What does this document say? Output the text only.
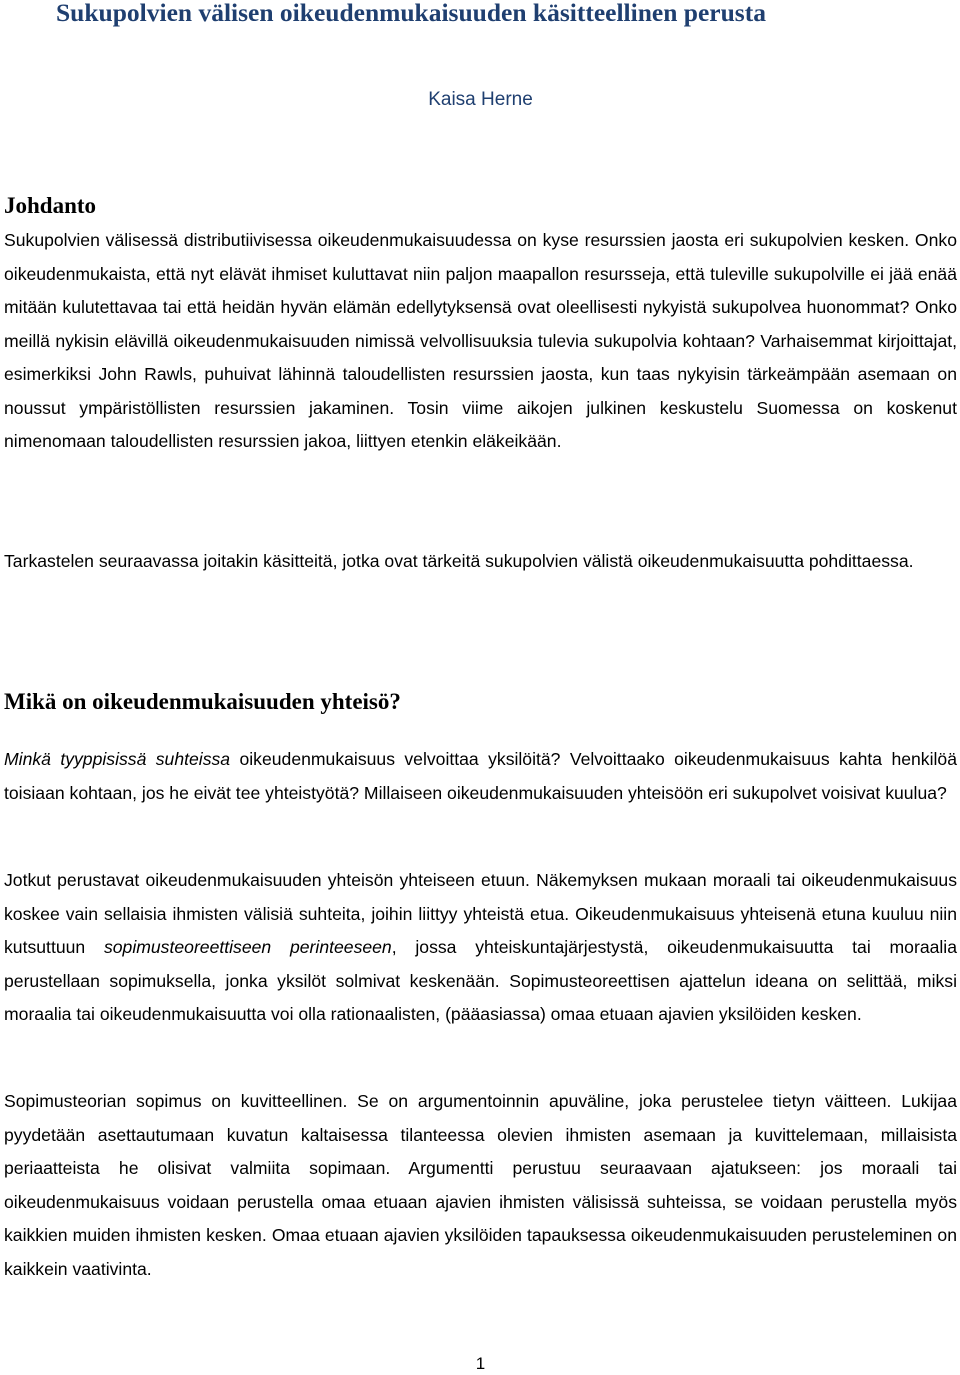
Sukupolvien välisen oikeudenmukaisuuden käsitteellinen perusta
Kaisa Herne
Johdanto

Sukupolvien välisessä distributiivisessa oikeudenmukaisuudessa on kyse resurssien jaosta eri sukupolvien kesken. Onko oikeudenmukaista, että nyt elävät ihmiset kuluttavat niin paljon maapallon resursseja, että tuleville sukupolville ei jää enää mitään kulutettavaa tai että heidän hyvän elämän edellytyksensä ovat oleellisesti nykyistä sukupolvea huonommat? Onko meillä nykisin elävillä oikeudenmukaisuuden nimissä velvollisuuksia tulevia sukupolvia kohtaan? Varhaisemmat kirjoittajat, esimerkiksi John Rawls, puhuivat lähinnä taloudellisten resurssien jaosta, kun taas nykyisin tärkeämpään asemaan on noussut ympäristöllisten resurssien jakaminen. Tosin viime aikojen julkinen keskustelu Suomessa on koskenut nimenomaan taloudellisten resurssien jakoa, liittyen etenkin eläkeikään.

Tarkastelen seuraavassa joitakin käsitteitä, jotka ovat tärkeitä sukupolvien välistä oikeudenmukaisuutta pohdittaessa.

Mikä on oikeudenmukaisuuden yhteisö?

Minkä tyyppisissä suhteissa oikeudenmukaisuus velvoittaa yksilöitä? Velvoittaako oikeudenmukaisuus kahta henkilöä toisiaan kohtaan, jos he eivät tee yhteistyötä? Millaiseen oikeudenmukaisuuden yhteisöön eri sukupolvet voisivat kuulua?

Jotkut perustavat oikeudenmukaisuuden yhteisön yhteiseen etuun. Näkemyksen mukaan moraali tai oikeudenmukaisuus koskee vain sellaisia ihmisten välisiä suhteita, joihin liittyy yhteistä etua. Oikeudenmukaisuus yhteisenä etuna kuuluu niin kutsuttuun sopimusteoreettiseen perinteeseen, jossa yhteiskuntajärjestystä, oikeudenmukaisuutta tai moraalia perustellaan sopimuksella, jonka yksilöt solmivat keskenään. Sopimusteoreettisen ajattelun ideana on selittää, miksi moraalia tai oikeudenmukaisuutta voi olla rationaalisten, (pääasiassa) omaa etuaan ajavien yksilöiden kesken.

Sopimusteorian sopimus on kuvitteellinen. Se on argumentoinnin apuväline, joka perustelee tietyn väitteen. Lukijaa pyydetään asettautumaan kuvatun kaltaisessa tilanteessa olevien ihmisten asemaan ja kuvittelemaan, millaisista periaatteista he olisivat valmiita sopimaan. Argumentti perustuu seuraavaan ajatukseen: jos moraali tai oikeudenmukaisuus voidaan perustella omaa etuaan ajavien ihmisten välisissä suhteissa, se voidaan perustella myös kaikkien muiden ihmisten kesken. Omaa etuaan ajavien yksilöiden tapauksessa oikeudenmukaisuuden perusteleminen on kaikkein vaativinta.

1
